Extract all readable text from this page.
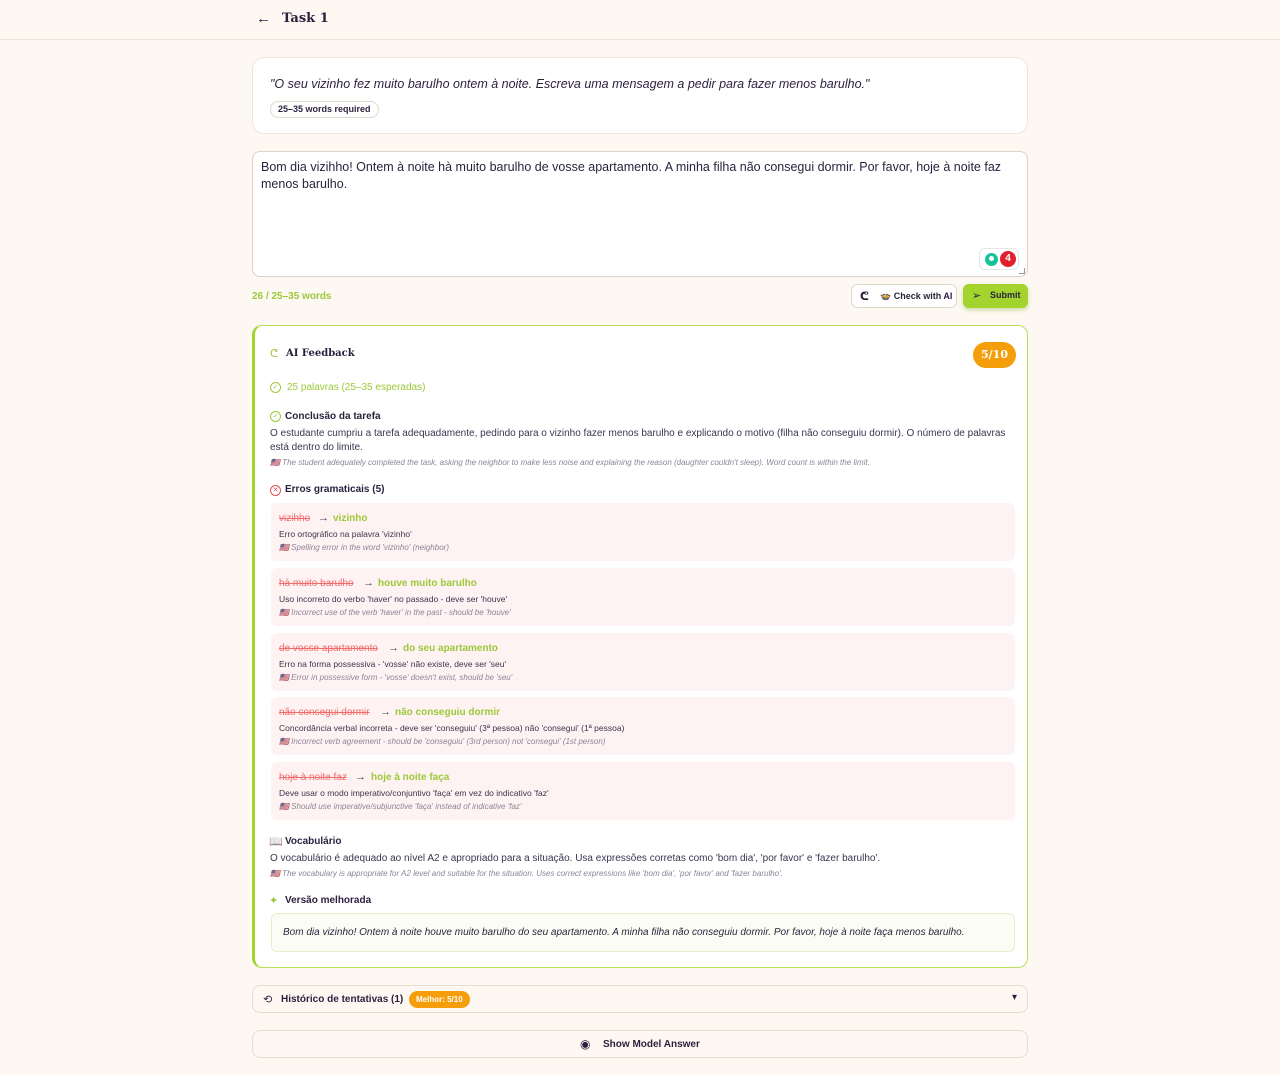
← Task 1
"O seu vizinho fez muito barulho ontem à noite. Escreva uma mensagem a pedir para fazer menos barulho."
25–35 words required
Bom dia vizihho! Ontem à noite hà muito barulho de vosse apartamento. A minha filha não consegui dormir. Por favor, hoje à noite faz menos barulho.
4
26 / 25–35 words	ᕦ 🍲 Check with AI ➢ Submit
ᕦ AI Feedback	5/10
✓ 25 palavras (25–35 esperadas)
✓ Conclusão da tarefa
O estudante cumpriu a tarefa adequadamente, pedindo para o vizinho fazer menos barulho e explicando o motivo (filha não conseguiu dormir). O número de palavras está dentro do limite.
🇺🇸 The student adequately completed the task, asking the neighbor to make less noise and explaining the reason (daughter couldn't sleep). Word count is within the limit.
✕ Erros gramaticais (5)
vizihho → vizinho
Erro ortográfico na palavra 'vizinho'
🇺🇸 Spelling error in the word 'vizinho' (neighbor)
hà muito barulho → houve muito barulho
Uso incorreto do verbo 'haver' no passado - deve ser 'houve'
🇺🇸 Incorrect use of the verb 'haver' in the past - should be 'houve'
de vosse apartamento → do seu apartamento
Erro na forma possessiva - 'vosse' não existe, deve ser 'seu'
🇺🇸 Error in possessive form - 'vosse' doesn't exist, should be 'seu'
não consegui dormir → não conseguiu dormir
Concordância verbal incorreta - deve ser 'conseguiu' (3ª pessoa) não 'consegui' (1ª pessoa)
🇺🇸 Incorrect verb agreement - should be 'conseguiu' (3rd person) not 'consegui' (1st person)
hoje à noite faz → hoje à noite faça
Deve usar o modo imperativo/conjuntivo 'faça' em vez do indicativo 'faz'
🇺🇸 Should use imperative/subjunctive 'faça' instead of indicative 'faz'
📖 Vocabulário
O vocabulário é adequado ao nível A2 e apropriado para a situação. Usa expressões corretas como 'bom dia', 'por favor' e 'fazer barulho'.
🇺🇸 The vocabulary is appropriate for A2 level and suitable for the situation. Uses correct expressions like 'bom dia', 'por favor' and 'fazer barulho'.
✦ Versão melhorada
Bom dia vizinho! Ontem à noite houve muito barulho do seu apartamento. A minha filha não conseguiu dormir. Por favor, hoje à noite faça menos barulho.
⟲ Histórico de tentativas (1)	Melhor: 5/10	▾
◉ Show Model Answer
